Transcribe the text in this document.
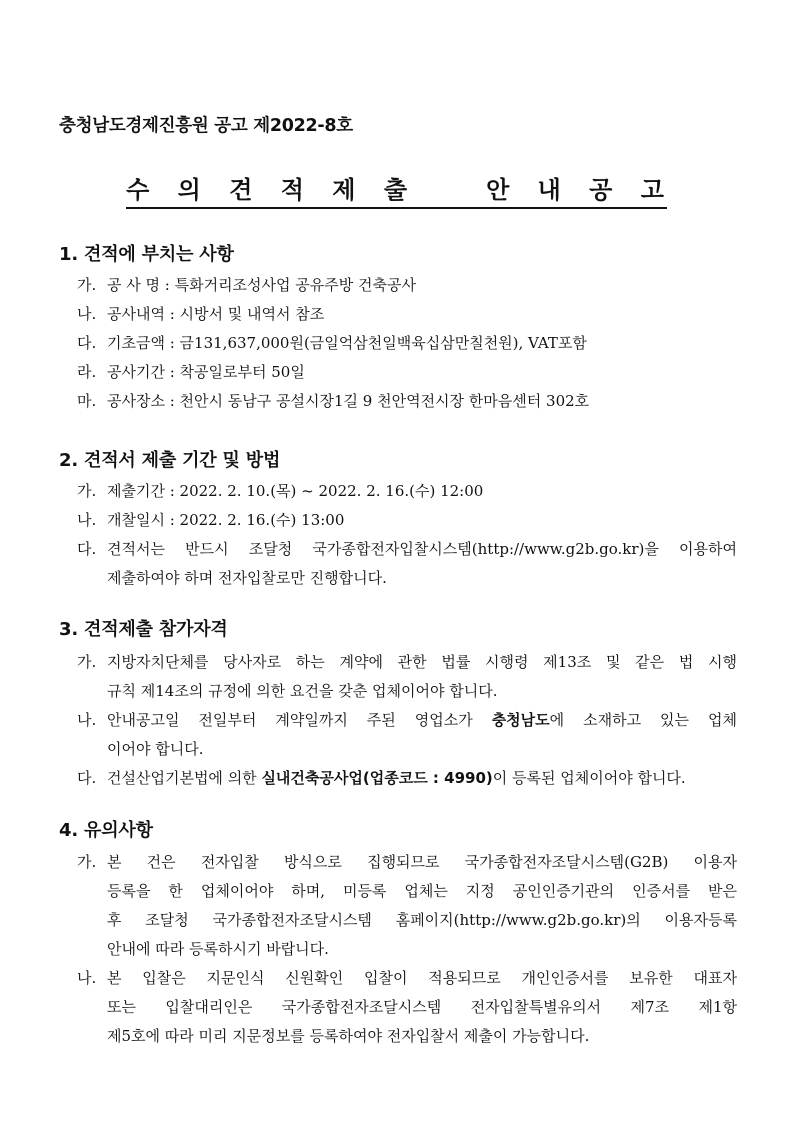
충청남도경제진흥원 공고 제2022-8호
수 의 견 적 제 출   안 내 공 고
1. 견적에 부치는 사항
가. 공 사 명 : 특화거리조성사업 공유주방 건축공사
나. 공사내역 : 시방서 및 내역서 참조
다. 기초금액 : 금131,637,000원(금일억삼천일백육십삼만칠천원), VAT포함
라. 공사기간 : 착공일로부터 50일
마. 공사장소 : 천안시 동남구 공설시장1길 9 천안역전시장 한마음센터 302호
2. 견적서 제출 기간 및 방법
가. 제출기간 : 2022. 2. 10.(목) ~ 2022. 2. 16.(수) 12:00
나. 개찰일시 : 2022. 2. 16.(수) 13:00
다. 견적서는 반드시 조달청 국가종합전자입찰시스템(http://www.g2b.go.kr)을 이용하여
제출하여야 하며 전자입찰로만 진행합니다.
3. 견적제출 참가자격
가. 지방자치단체를 당사자로 하는 계약에 관한 법률 시행령 제13조 및 같은 법 시행
규칙 제14조의 규정에 의한 요건을 갖춘 업체이어야 합니다.
나. 안내공고일 전일부터 계약일까지 주된 영업소가 충청남도에 소재하고 있는 업체
이어야 합니다.
다. 건설산업기본법에 의한 실내건축공사업(업종코드 : 4990)이 등록된 업체이어야 합니다.
4. 유의사항
가. 본 건은 전자입찰 방식으로 집행되므로 국가종합전자조달시스템(G2B) 이용자
등록을 한 업체이어야 하며, 미등록 업체는 지정 공인인증기관의 인증서를 받은
후 조달청 국가종합전자조달시스템 홈페이지(http://www.g2b.go.kr)의 이용자등록
안내에 따라 등록하시기 바랍니다.
나. 본 입찰은 지문인식 신원확인 입찰이 적용되므로 개인인증서를 보유한 대표자
또는 입찰대리인은 국가종합전자조달시스템 전자입찰특별유의서 제7조 제1항
제5호에 따라 미리 지문정보를 등록하여야 전자입찰서 제출이 가능합니다.
